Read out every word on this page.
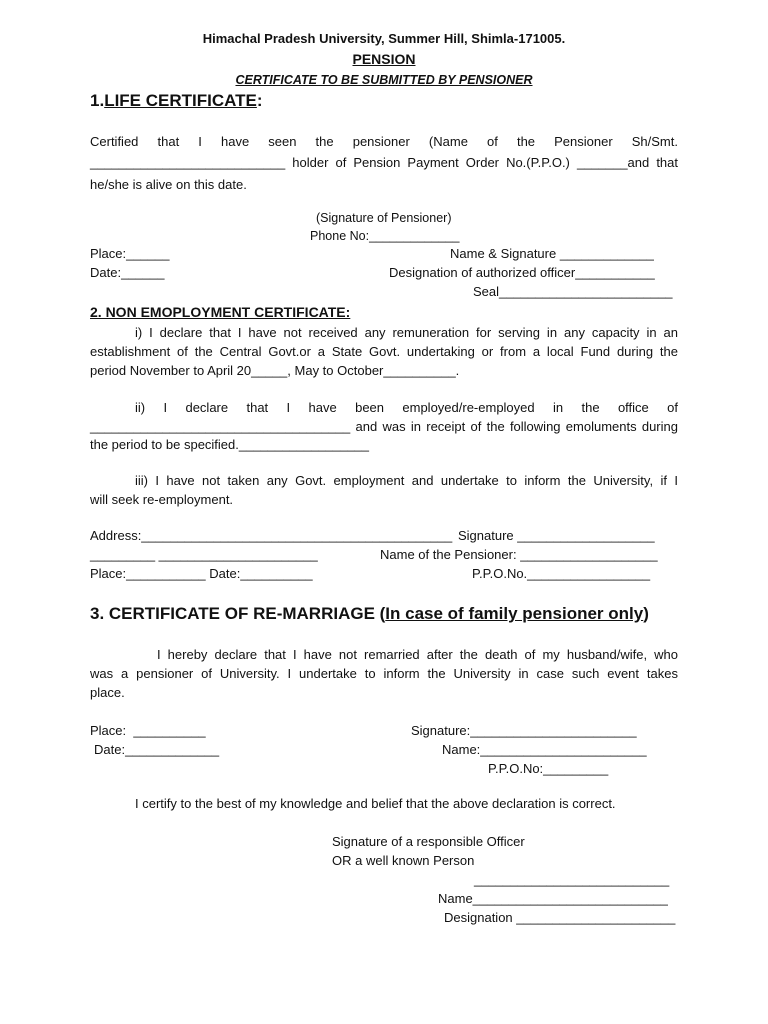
Himachal Pradesh University, Summer Hill, Shimla-171005.
PENSION
CERTIFICATE TO BE SUBMITTED BY PENSIONER
1.LIFE CERTIFICATE:
Certified that I have seen the pensioner (Name of the Pensioner Sh/Smt.
___________________________ holder of Pension Payment Order No.(P.P.O.) _______and that
he/she is alive on this date.
(Signature of Pensioner)
Phone No:_____________
Place:______
Date:______
Name & Signature _____________
Designation of authorized officer___________
Seal________________________
2. NON EMOPLOYMENT CERTIFICATE:
i) I declare that I have not received any remuneration for serving in any capacity in an
establishment of the Central Govt.or a State Govt. undertaking or from a local Fund during the
period November to April 20_____, May to October__________.
ii) I declare that I have been employed/re-employed in the office of
____________________________________ and was in receipt of the following emoluments during
the period to be specified.__________________
iii) I have not taken any Govt. employment and undertake to inform the University, if I
will seek re-employment.
Address:___________________________________________ Signature ___________________
_________ ______________________	Name of the Pensioner: ___________________
Place:___________ Date:__________	P.P.O.No._________________
3. CERTIFICATE OF RE-MARRIAGE (In case of family pensioner only)
I hereby declare that I have not remarried after the death of my husband/wife, who
was a pensioner of University. I undertake to inform the University in case such event takes
place.
Place:  __________
Date:_____________
Signature:_______________________
Name:_______________________
P.P.O.No:_________
I certify to the best of my knowledge and belief that the above declaration is correct.
Signature of a responsible Officer
OR a well known Person
___________________________
Name___________________________
Designation ______________________
